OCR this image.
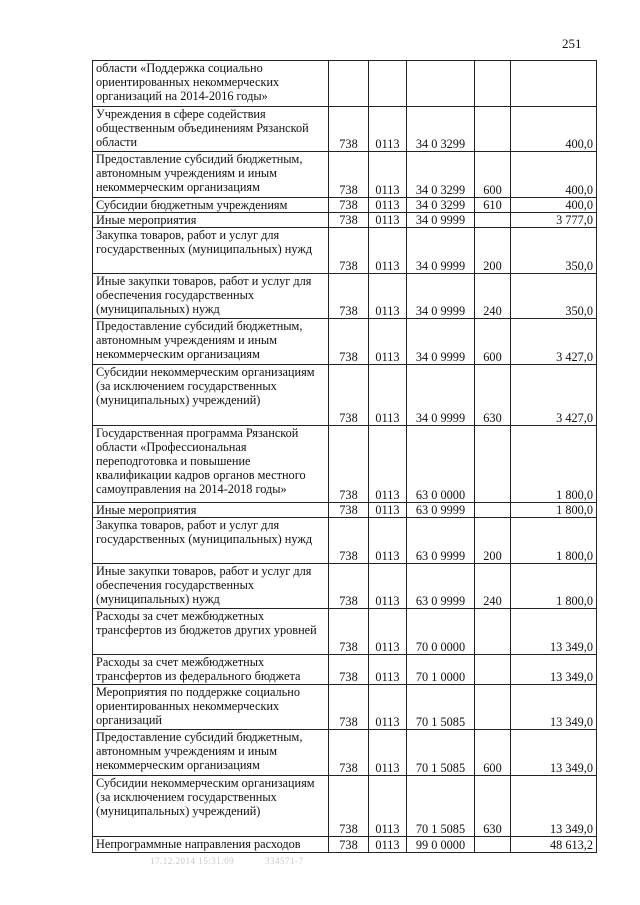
251
области «Поддержка социально ориентированных некоммерческих организаций на 2014-2016 годы»					
Учреждения в сфере содействия общественным объединениям Рязанской области	738	0113	34 0 3299		400,0
Предоставление субсидий бюджетным, автономным учреждениям и иным некоммерческим организациям	738	0113	34 0 3299	600	400,0
Субсидии бюджетным учреждениям	738	0113	34 0 3299	610	400,0
Иные мероприятия	738	0113	34 0 9999		3 777,0
Закупка товаров, работ и услуг для государственных (муниципальных) нужд	738	0113	34 0 9999	200	350,0
Иные закупки товаров, работ и услуг для обеспечения государственных (муниципальных) нужд	738	0113	34 0 9999	240	350,0
Предоставление субсидий бюджетным, автономным учреждениям и иным некоммерческим организациям	738	0113	34 0 9999	600	3 427,0
Субсидии некоммерческим организациям (за исключением государственных (муниципальных) учреждений)	738	0113	34 0 9999	630	3 427,0
Государственная программа Рязанской области «Профессиональная переподготовка и повышение квалификации кадров органов местного самоуправления на 2014-2018 годы»	738	0113	63 0 0000		1 800,0
Иные мероприятия	738	0113	63 0 9999		1 800,0
Закупка товаров, работ и услуг для государственных (муниципальных) нужд	738	0113	63 0 9999	200	1 800,0
Иные закупки товаров, работ и услуг для обеспечения государственных (муниципальных) нужд	738	0113	63 0 9999	240	1 800,0
Расходы за счет межбюджетных трансфертов из бюджетов других уровней	738	0113	70 0 0000		13 349,0
Расходы за счет межбюджетных трансфертов из федерального бюджета	738	0113	70 1 0000		13 349,0
Мероприятия по поддержке социально ориентированных некоммерческих организаций	738	0113	70 1 5085		13 349,0
Предоставление субсидий бюджетным, автономным учреждениям и иным некоммерческим организациям	738	0113	70 1 5085	600	13 349,0
Субсидии некоммерческим организациям (за исключением государственных (муниципальных) учреждений)	738	0113	70 1 5085	630	13 349,0
Непрограммные направления расходов	738	0113	99 0 0000		48 613,2
17.12.2014 15:31:09	334571-7
